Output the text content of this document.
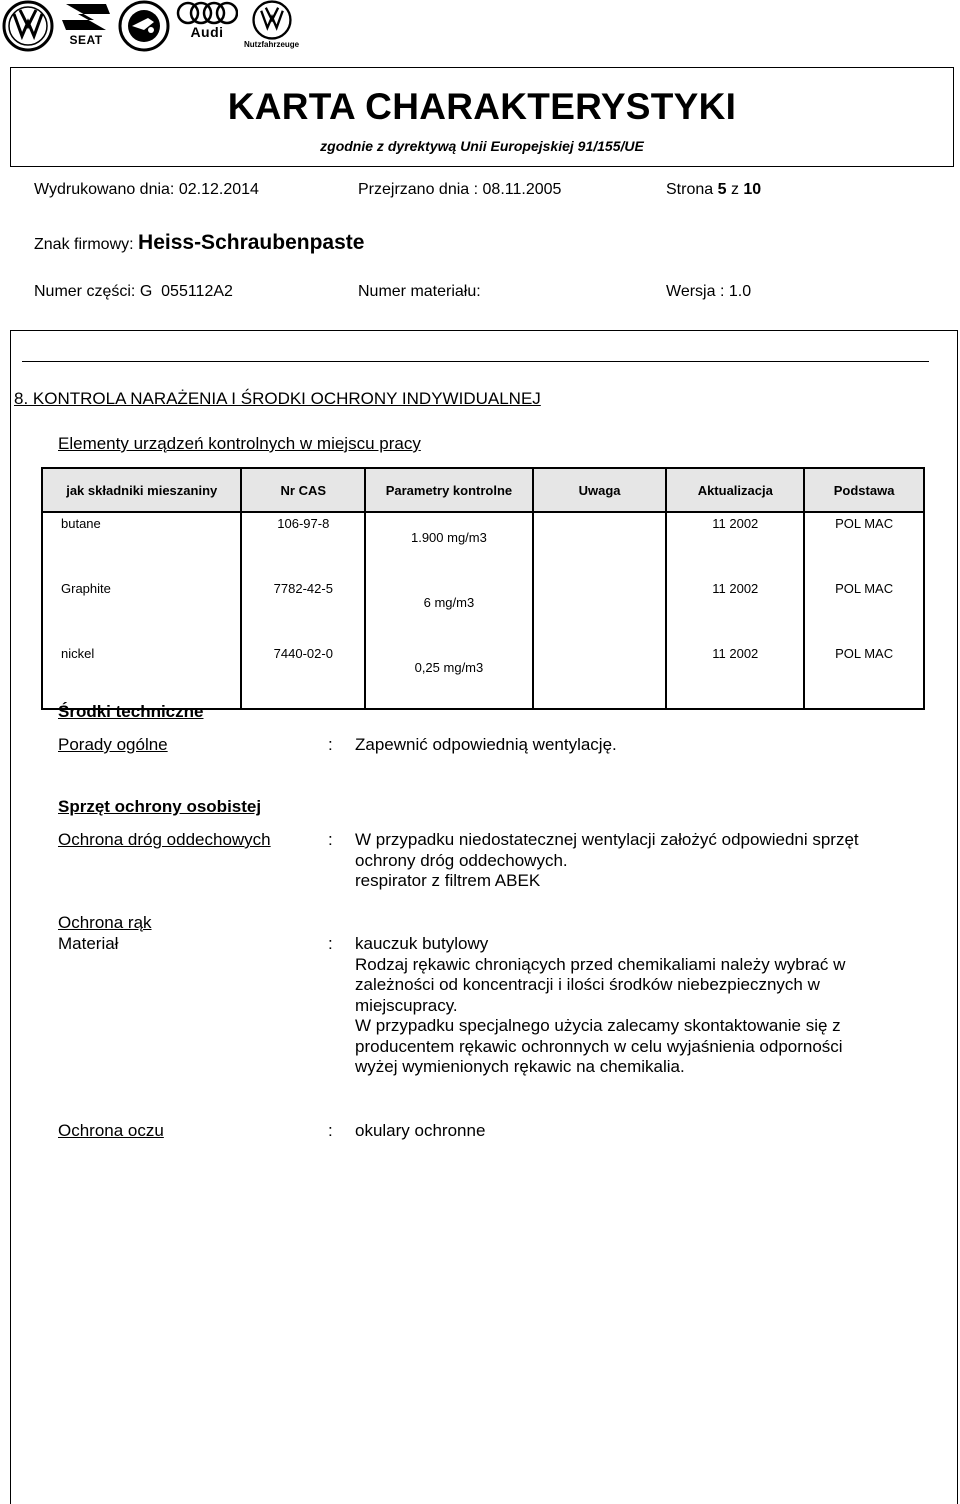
SEAT	Audi
Nutzfahrzeuge
KARTA CHARAKTERYSTYKI
zgodnie z dyrektywą Unii Europejskiej 91/155/UE
Wydrukowano dnia: 02.12.2014	Przejrzano dnia : 08.11.2005	Strona 5 z 10
Znak firmowy: Heiss-Schraubenpaste
Numer części: G  055112A2	Numer materiału:	Wersja : 1.0
8. KONTROLA NARAŻENIA I ŚRODKI OCHRONY INDYWIDUALNEJ
Elementy urządzeń kontrolnych w miejscu pracy
jak składniki mieszaniny	Nr CAS	Parametry kontrolne	Uwaga	Aktualizacja	Podstawa
butane	106-97-8	1.900 mg/m3		11 2002	POL MAC
Graphite	7782-42-5	6 mg/m3		11 2002	POL MAC
nickel	7440-02-0	0,25 mg/m3		11 2002	POL MAC
Środki techniczne
Porady ogólne	: Zapewnić odpowiednią wentylację.
Sprzęt ochrony osobistej
Ochrona dróg oddechowych	: W przypadku niedostatecznej wentylacji założyć odpowiedni sprzęt
ochrony dróg oddechowych.
respirator z filtrem ABEK
Ochrona rąk
Materiał	: kauczuk butylowy
Rodzaj rękawic chroniących przed chemikaliami należy wybrać w
zależności od koncentracji i ilości środków niebezpiecznych w
miejscupracy.
W przypadku specjalnego użycia zalecamy skontaktowanie się z
producentem rękawic ochronnych w celu wyjaśnienia odporności
wyżej wymienionych rękawic na chemikalia.
Ochrona oczu	: okulary ochronne
